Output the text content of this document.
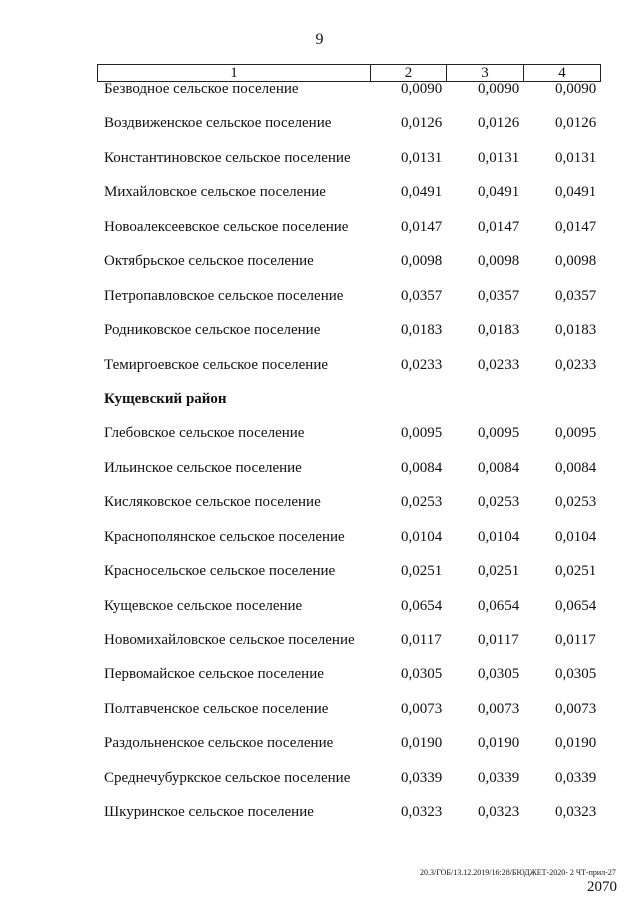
9
1	2	3	4
Безводное сельское поселение	0,0090 0,0090 0,0090
Воздвиженское сельское поселение	0,0126 0,0126 0,0126
Константиновское сельское поселение	0,0131 0,0131 0,0131
Михайловское сельское поселение	0,0491 0,0491 0,0491
Новоалексеевское сельское поселение	0,0147 0,0147 0,0147
Октябрьское сельское поселение	0,0098 0,0098 0,0098
Петропавловское сельское поселение	0,0357 0,0357 0,0357
Родниковское сельское поселение	0,0183 0,0183 0,0183
Темиргоевское сельское поселение	0,0233 0,0233 0,0233
Кущевский район
Глебовское сельское поселение	0,0095 0,0095 0,0095
Ильинское сельское поселение	0,0084 0,0084 0,0084
Кисляковское сельское поселение	0,0253 0,0253 0,0253
Краснополянское сельское поселение	0,0104 0,0104 0,0104
Красносельское сельское поселение	0,0251 0,0251 0,0251
Кущевское сельское поселение	0,0654 0,0654 0,0654
Новомихайловское сельское поселение	0,0117 0,0117 0,0117
Первомайское сельское поселение	0,0305 0,0305 0,0305
Полтавченское сельское поселение	0,0073 0,0073 0,0073
Раздольненское сельское поселение	0,0190 0,0190 0,0190
Среднечубуркское сельское поселение	0,0339 0,0339 0,0339
Шкуринское сельское поселение	0,0323 0,0323 0,0323
20.3/ГОБ/13.12.2019/16:28/БЮДЖЕТ-2020- 2 ЧТ-прил-27
2070
